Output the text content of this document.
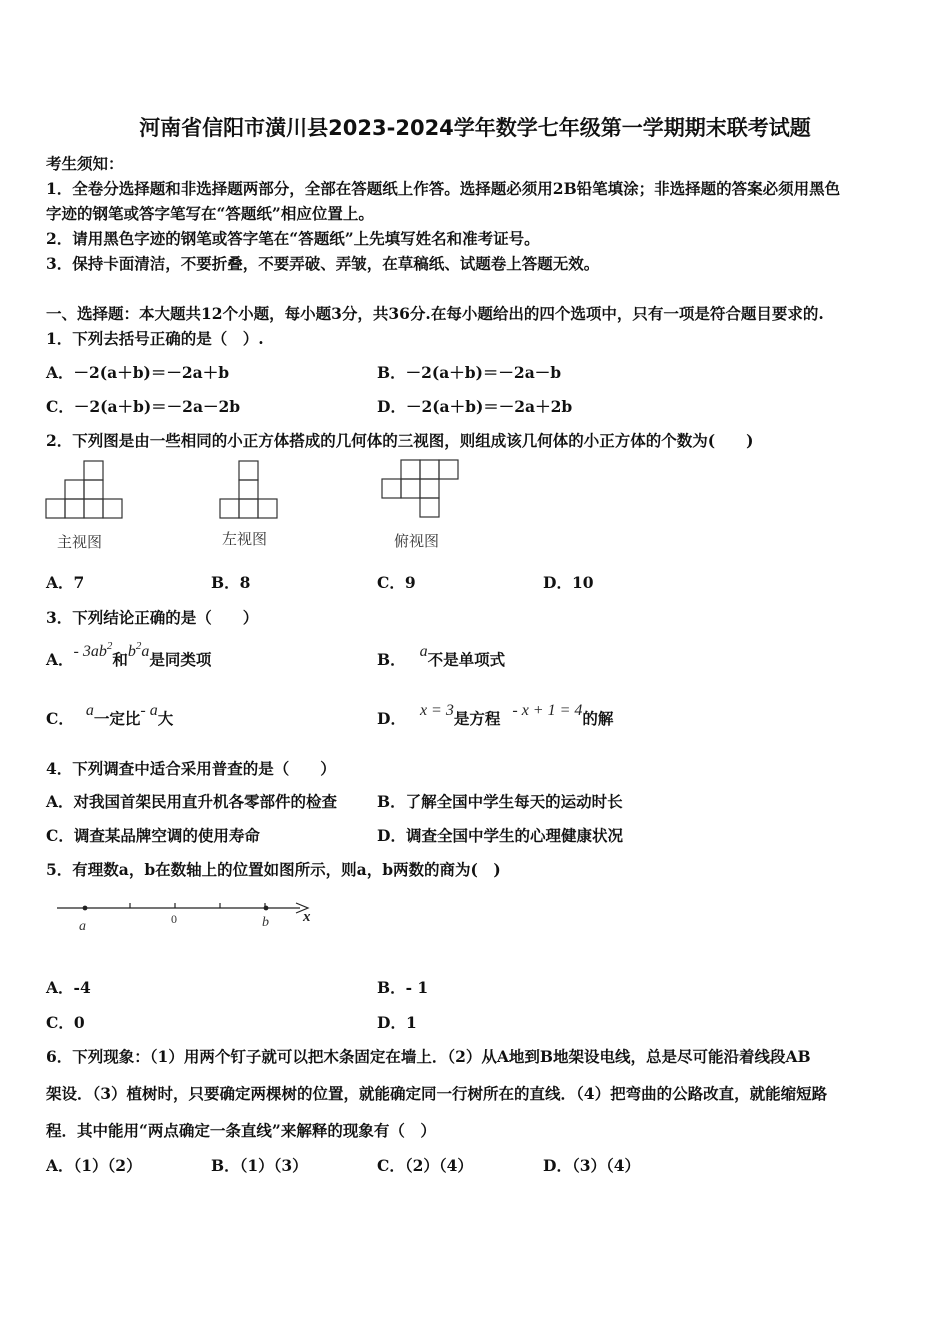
河南省信阳市潢川县2023-2024学年数学七年级第一学期期末联考试题
考生须知：
1．全卷分选择题和非选择题两部分，全部在答题纸上作答。选择题必须用2B铅笔填涂；非选择题的答案必须用黑色
字迹的钢笔或答字笔写在“答题纸”相应位置上。
2．请用黑色字迹的钢笔或答字笔在“答题纸”上先填写姓名和准考证号。
3．保持卡面清洁，不要折叠，不要弄破、弄皱，在草稿纸、试题卷上答题无效。
一、选择题：本大题共12个小题，每小题3分，共36分.在每小题给出的四个选项中，只有一项是符合题目要求的.
1．下列去括号正确的是（　）.
A．－2(a＋b)＝－2a＋b	B．－2(a＋b)＝－2a－b
C．－2(a＋b)＝－2a－2b	D．－2(a＋b)＝－2a＋2b
2．下列图是由一些相同的小正方体搭成的几何体的三视图，则组成该几何体的小正方体的个数为(　　)
主视图	左视图	俯视图
A．7	B．8	C．9	D．10
3．下列结论正确的是（　　）
A．- $3ab^2$和$b^2a$是同类项	B． a不是单项式
C． a一定比- a大	D． x = 3是方程 - x + 1 = 4的解
4．下列调查中适合采用普查的是（　　）
A．对我国首架民用直升机各零部件的检查	B．了解全国中学生每天的运动时长
C．调查某品牌空调的使用寿命	D．调查全国中学生的心理健康状况
5．有理数a，b在数轴上的位置如图所示，则a，b两数的商为(　)
a	0	b x
A．-4	B．- 1
C．0	D．1
6．下列现象：（1）用两个钉子就可以把木条固定在墙上．（2）从A地到B地架设电线，总是尽可能沿着线段AB
架设．（3）植树时，只要确定两棵树的位置，就能确定同一行树所在的直线．（4）把弯曲的公路改直，就能缩短路
程．其中能用“两点确定一条直线”来解释的现象有（　）
A．（1）（2）	B．（1）（3）	C．（2）（4）	D．（3）（4）
